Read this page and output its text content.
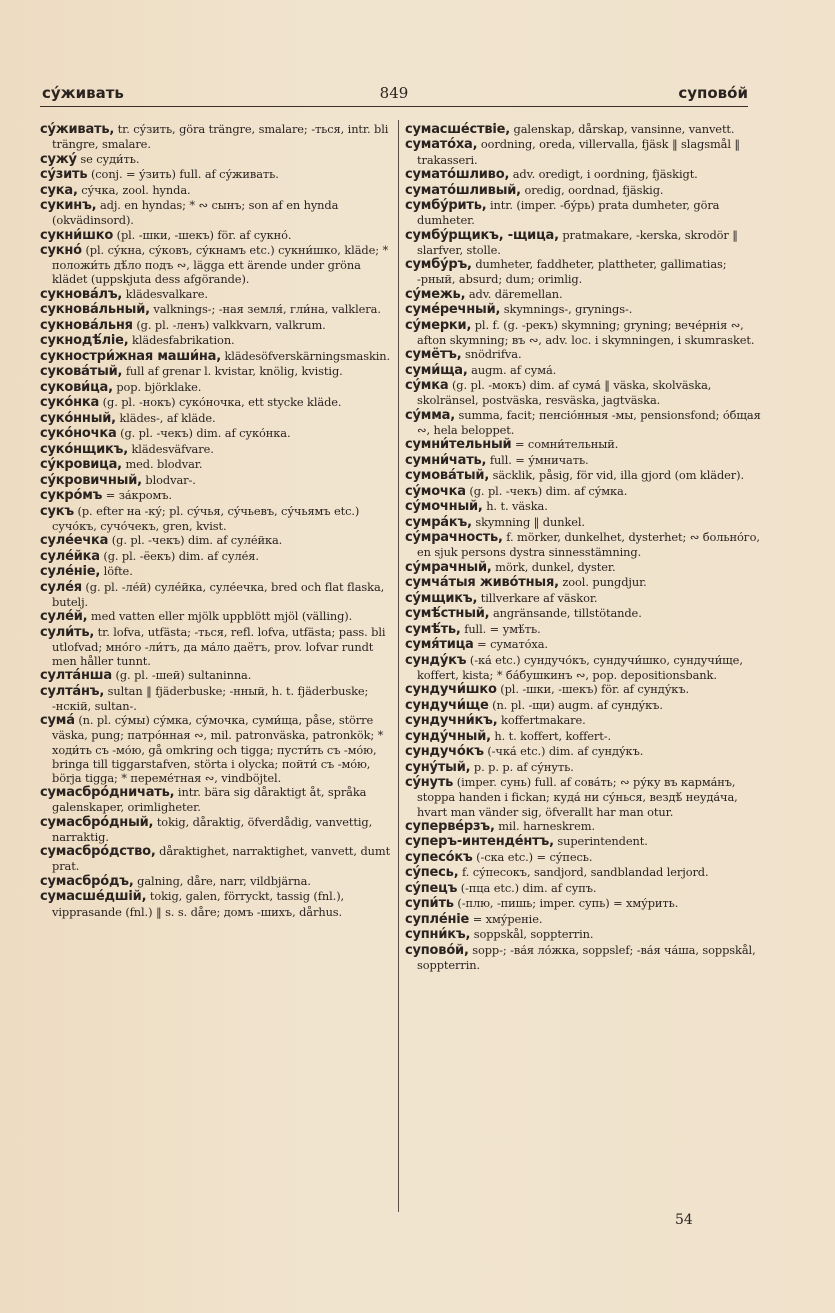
су́живать	849	супово́й
су́живать, tr. су́зить, göra trängre, smalare; -ться, intr. bli trängre, smalare.
сужу́ se суди́ть.
су́зить (conj. = у́зить) full. af су́живать.
сука, су́чка, zool. hynda.
сукинъ, adj. en hyndas; * ∾ сынъ; son af en hynda (okvädinsord).
сукни́шко (pl. -шки, -шекъ) för. af сукно́.
сукно́ (pl. су́кна, су́ковъ, су́кнамъ etc.) сукни́шко, kläde; * положи́ть дѣ́ло подъ ∾, lägga ett ärende under gröna klädet (uppskjuta dess afgörande).
сукнова́лъ, klädesvalkare.
сукнова́льный, valknings-; -ная земля́, гли́на, valklera.
сукнова́льня (g. pl. -ленъ) valkkvarn, valkrum.
сукнодѣ́ліе, klädesfabrikation.
сукностри́жная маши́на, klädesöfverskärningsmaskin.
сукова́тый, full af grenar l. kvistar, knölig, kvistig.
сукови́ца, pop. björklake.
суко́нка (g. pl. -нокъ) суко́ночка, ett stycke kläde.
суко́нный, klädes-, af kläde.
суко́ночка (g. pl. -чекъ) dim. af суко́нка.
суко́нщикъ, klädesväfvare.
су́кровица, med. blodvar.
су́кровичный, blodvar-.
сукро́мъ = за́кромъ.
сукъ (p. efter на -ку́; pl. су́чья, су́чьевъ, су́чьямъ etc.) сучо́къ, сучо́чекъ, gren, kvist.
суле́ечка (g. pl. -чекъ) dim. af суле́йка.
суле́йка (g. pl. -ёекъ) dim. af суле́я.
суле́ніе, löfte.
суле́я (g. pl. -ле́й) суле́йка, суле́ечка, bred och flat flaska, butelj.
суле́й, med vatten eller mjölk uppblött mjöl (välling).
сули́ть, tr. lofva, utfästa; -ться, refl. lofva, utfästa; pass. bli utlofvad; мно́го -ли́тъ, да ма́ло даётъ, prov. lofvar rundt men håller tunnt.
султа́нша (g. pl. -шей) sultaninna.
султа́нъ, sultan ‖ fjäderbuske; -нный, h. t. fjäderbuske; -нскій, sultan-.
сума́ (n. pl. су́мы) су́мка, су́мочка, суми́ща, påse, större väska, pung; патро́нная ∾, mil. patronväska, patronkök; * ходи́ть съ -мо́ю, gå omkring och tigga; пусти́ть съ -мо́ю, bringa till tiggarstafven, störta i olycka; пойти́ съ -мо́ю, börja tigga; * переме́тная ∾, vindböjtel.
сумасбро́дничать, intr. bära sig dåraktigt åt, språka galenskaper, orimligheter.
сумасбро́дный, tokig, dåraktig, öfverdådig, vanvettig, narraktig.
сумасбро́дство, dåraktighet, narraktighet, vanvett, dumt prat.
сумасбро́дъ, galning, dåre, narr, vildbjärna.
сумасше́дшій, tokig, galen, förryckt, tassig (fnl.), vipprasande (fnl.) ‖ s. s. dåre; домъ -шихъ, dårhus.
сумасше́ствіе, galenskap, dårskap, vansinne, vanvett.
сумато́ха, oordning, oreda, villervalla, fjäsk ‖ slagsmål ‖ trakasseri.
сумато́шливо, adv. oredigt, i oordning, fjäskigt.
сумато́шливый, oredig, oordnad, fjäskig.
сумбу́рить, intr. (imper. -бу́рь) prata dumheter, göra dumheter.
сумбу́рщикъ, -щица, pratmakare, -kerska, skrodör ‖ slarfver, stolle.
сумбу́ръ, dumheter, faddheter, plattheter, gallimatias; -рный, absurd; dum; orimlig.
су́межь, adv. däremellan.
суме́речный, skymnings-, grynings-.
су́мерки, pl. f. (g. -рекъ) skymning; gryning; вече́рнія ∾, afton skymning; въ ∾, adv. loc. i skymningen, i skumrasket.
сумётъ, snödrifva.
суми́ща, augm. af сума́.
су́мка (g. pl. -мокъ) dim. af сума́ ‖ väska, skolväska, skolränsel, postväska, resväska, jagtväska.
су́мма, summa, facit; пенсіо́нныя -мы, pensionsfond; о́бщая ∾, hela beloppet.
сумни́тельный = сомни́тельный.
сумни́чать, full. = у́мничать.
сумова́тый, säcklik, påsig, för vid, illa gjord (om kläder).
су́мочка (g. pl. -чекъ) dim. af су́мка.
су́мочный, h. t. väska.
сумра́къ, skymning ‖ dunkel.
су́мрачность, f. mörker, dunkelhet, dysterhet; ∾ больно́го, en sjuk persons dystra sinnesstämning.
су́мрачный, mörk, dunkel, dyster.
сумча́тыя живо́тныя, zool. pungdjur.
су́мщикъ, tillverkare af väskor.
сумѣ́стный, angränsande, tillstötande.
сумѣ́ть, full. = умѣ́ть.
сумя́тица = сумато́ха.
сунду́къ (-ка́ etc.) сундучо́къ, сундучи́шко, сундучи́ще, koffert, kista; * ба́бушкинъ ∾, pop. depositionsbank.
сундучи́шко (pl. -шки, -шекъ) för. af сунду́къ.
сундучи́ще (n. pl. -щи) augm. af сунду́къ.
сундучни́къ, koffertmakare.
сунду́чный, h. t. koffert, koffert-.
сундучо́къ (-чка́ etc.) dim. af сунду́къ.
суну́тый, p. p. p. af су́нуть.
су́нуть (imper. сунь) full. af сова́ть; ∾ ру́ку въ карма́нъ, stoppa handen i fickan; куда́ ни су́нься, вездѣ́ неуда́ча, hvart man vänder sig, öfverallt har man otur.
суперве́рзъ, mil. harneskrem.
суперъ-интенде́нтъ, superintendent.
супесо́къ (-ска etc.) = су́песь.
су́песь, f. су́песокъ, sandjord, sandblandad lerjord.
су́пецъ (-пца etc.) dim. af супъ.
супи́ть (-плю, -пишь; imper. супь) = хму́рить.
супле́ніе = хму́реніе.
супни́къ, soppskål, soppterrin.
супово́й, sopp-; -ва́я ло́жка, soppslef; -ва́я ча́ша, soppskål, soppterrin.
54
